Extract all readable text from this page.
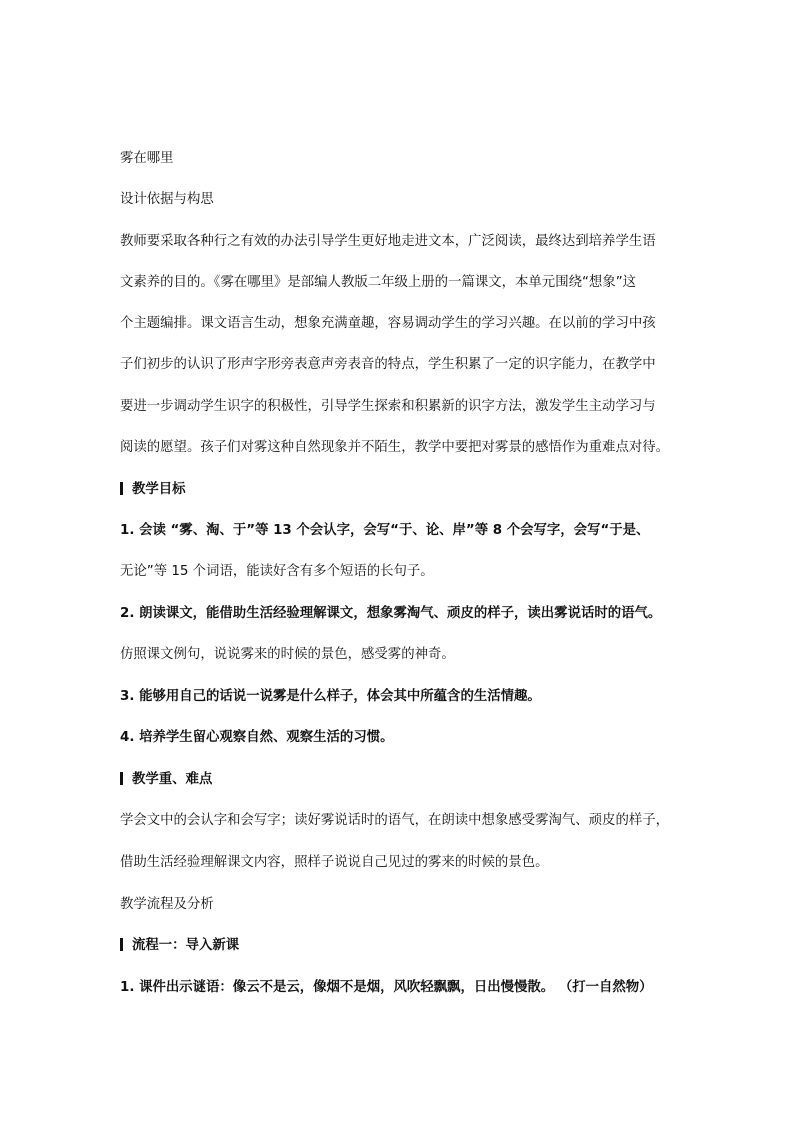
雾在哪里
设计依据与构思
教师要采取各种行之有效的办法引导学生更好地走进文本，广泛阅读，最终达到培养学生语
文素养的目的。《雾在哪里》是部编人教版二年级上册的一篇课文，本单元围绕“想象”这
个主题编排。课文语言生动，想象充满童趣，容易调动学生的学习兴趣。在以前的学习中孩
子们初步的认识了形声字形旁表意声旁表音的特点，学生积累了一定的识字能力，在教学中
要进一步调动学生识字的积极性，引导学生探索和积累新的识字方法，激发学生主动学习与
阅读的愿望。孩子们对雾这种自然现象并不陌生，教学中要把对雾景的感悟作为重难点对待。
教学目标
1. 会读 “雾、淘、于”等 13 个会认字，会写“于、论、岸”等 8 个会写字，会写“于是、
无论”等 15 个词语，能读好含有多个短语的长句子。
2. 朗读课文，能借助生活经验理解课文，想象雾淘气、顽皮的样子，读出雾说话时的语气。
仿照课文例句，说说雾来的时候的景色，感受雾的神奇。
3. 能够用自己的话说一说雾是什么样子，体会其中所蕴含的生活情趣。
4. 培养学生留心观察自然、观察生活的习惯。
教学重、难点
学会文中的会认字和会写字；读好雾说话时的语气，在朗读中想象感受雾淘气、顽皮的样子，
借助生活经验理解课文内容，照样子说说自己见过的雾来的时候的景色。
教学流程及分析
流程一：导入新课
1. 课件出示谜语：像云不是云，像烟不是烟，风吹轻飘飘，日出慢慢散。 （打一自然物）
